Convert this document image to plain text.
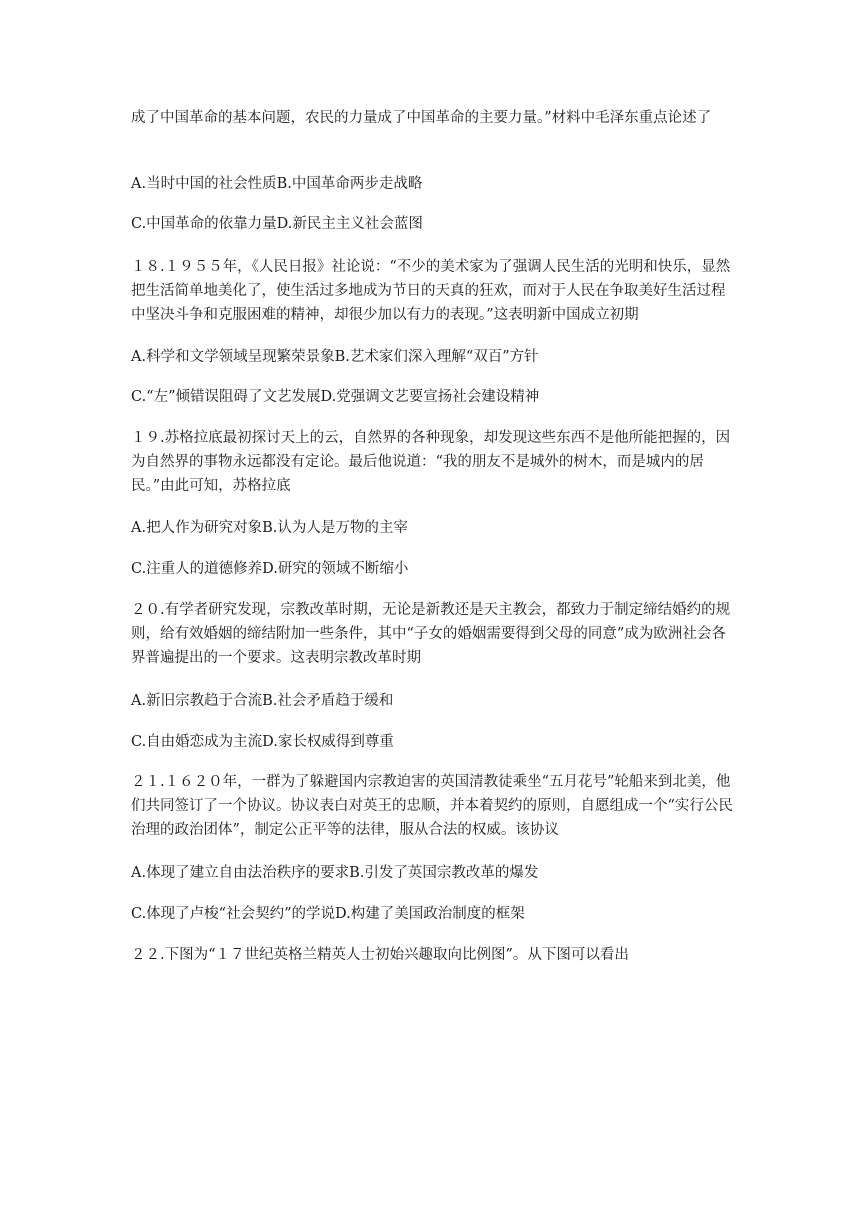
成了中国革命的基本问题，农民的力量成了中国革命的主要力量。”材料中毛泽东重点论述了

A.当时中国的社会性质B.中国革命两步走战略

C.中国革命的依靠力量D.新民主主义社会蓝图

１８.１９５５年，《人民日报》社论说：“不少的美术家为了强调人民生活的光明和快乐，显然把生活简单地美化了，使生活过多地成为节日的天真的狂欢，而对于人民在争取美好生活过程中坚决斗争和克服困难的精神，却很少加以有力的表现。”这表明新中国成立初期

A.科学和文学领域呈现繁荣景象B.艺术家们深入理解“双百”方针

C.“左”倾错误阻碍了文艺发展D.党强调文艺要宣扬社会建设精神

１９.苏格拉底最初探讨天上的云，自然界的各种现象，却发现这些东西不是他所能把握的，因为自然界的事物永远都没有定论。最后他说道：“我的朋友不是城外的树木，而是城内的居民。”由此可知，苏格拉底

A.把人作为研究对象B.认为人是万物的主宰

C.注重人的道德修养D.研究的领域不断缩小

２０.有学者研究发现，宗教改革时期，无论是新教还是天主教会，都致力于制定缔结婚约的规则，给有效婚姻的缔结附加一些条件，其中“子女的婚姻需要得到父母的同意”成为欧洲社会各界普遍提出的一个要求。这表明宗教改革时期

A.新旧宗教趋于合流B.社会矛盾趋于缓和

C.自由婚恋成为主流D.家长权威得到尊重

２１.１６２０年，一群为了躲避国内宗教迫害的英国清教徒乘坐“五月花号”轮船来到北美，他们共同签订了一个协议。协议表白对英王的忠顺，并本着契约的原则，自愿组成一个“实行公民治理的政治团体”，制定公正平等的法律，服从合法的权威。该协议

A.体现了建立自由法治秩序的要求B.引发了英国宗教改革的爆发

C.体现了卢梭“社会契约”的学说D.构建了美国政治制度的框架

２２.下图为“１７世纪英格兰精英人士初始兴趣取向比例图”。从下图可以看出
